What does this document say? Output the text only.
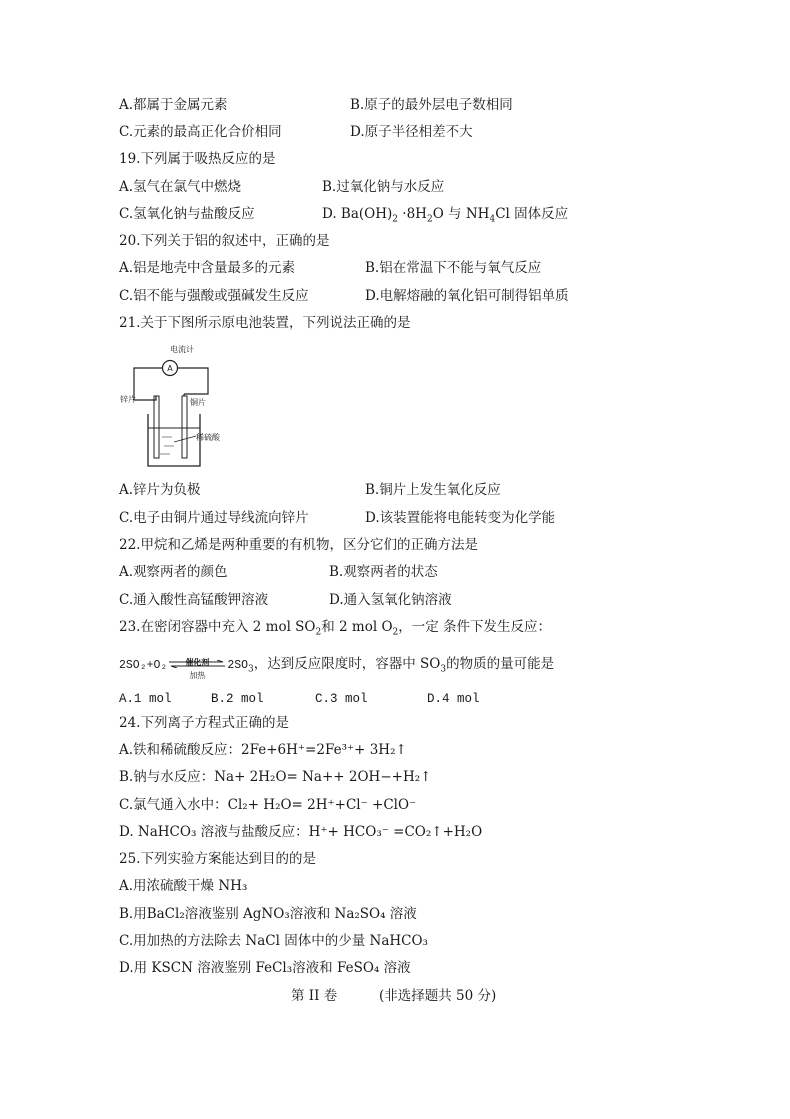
A.都属于金属元素	B.原子的最外层电子数相同
C.元素的最高正化合价相同	D.原子半径相差不大
19.下列属于吸热反应的是
A.氢气在氯气中燃烧	B.过氧化钠与水反应
C.氢氧化钠与盐酸反应	D. $Ba(OH)_2 \cdot 8H_2O$ 与 $NH_4Cl$ 固体反应
20.下列关于铝的叙述中，正确的是
A.铝是地壳中含量最多的元素	B.铝在常温下不能与氧气反应
C.铝不能与强酸或强碱发生反应	D.电解熔融的氧化铝可制得铝单质
21.关于下图所示原电池装置，下列说法正确的是
A
电流计
锌片	铜片
稀硫酸
A.锌片为负极	B.铜片上发生氧化反应
C.电子由铜片通过导线流向锌片	D.该装置能将电能转变为化学能
22.甲烷和乙烯是两种重要的有机物，区分它们的正确方法是
A.观察两者的颜色	B.观察两者的状态
C.通入酸性高锰酸钾溶液	D.通入氢氧化钠溶液
23.在密闭容器中充入 2 mol $SO_2$和 2 mol $O_2$，一定 条件下发生反应：
2SO₂+O₂	催化剂
加热
$2SO_3$，达到反应限度时，容器中 $SO_3$的物质的量可能是
A.1 mol	B.2 mol	C.3 mol	D.4 mol
24.下列离子方程式正确的是
A.铁和稀硫酸反应：2Fe+6H⁺=2Fe³⁺+ 3H₂↑
B.钠与水反应：Na+ 2H₂O= Na++ 2OH−+H₂↑
C.氯气通入水中：Cl₂+ H₂O= 2H⁺+Cl⁻ +ClO⁻
D. NaHCO₃ 溶液与盐酸反应：H⁺+ HCO₃⁻ =CO₂↑+H₂O
25.下列实验方案能达到目的的是
A.用浓硫酸干燥 NH₃
B.用BaCl₂溶液鉴别 AgNO₃溶液和 Na₂SO₄ 溶液
C.用加热的方法除去 NaCl 固体中的少量 NaHCO₃
D.用 KSCN 溶液鉴别 FeCl₃溶液和 FeSO₄ 溶液
第 II 卷	(非选择题共 50 分)
